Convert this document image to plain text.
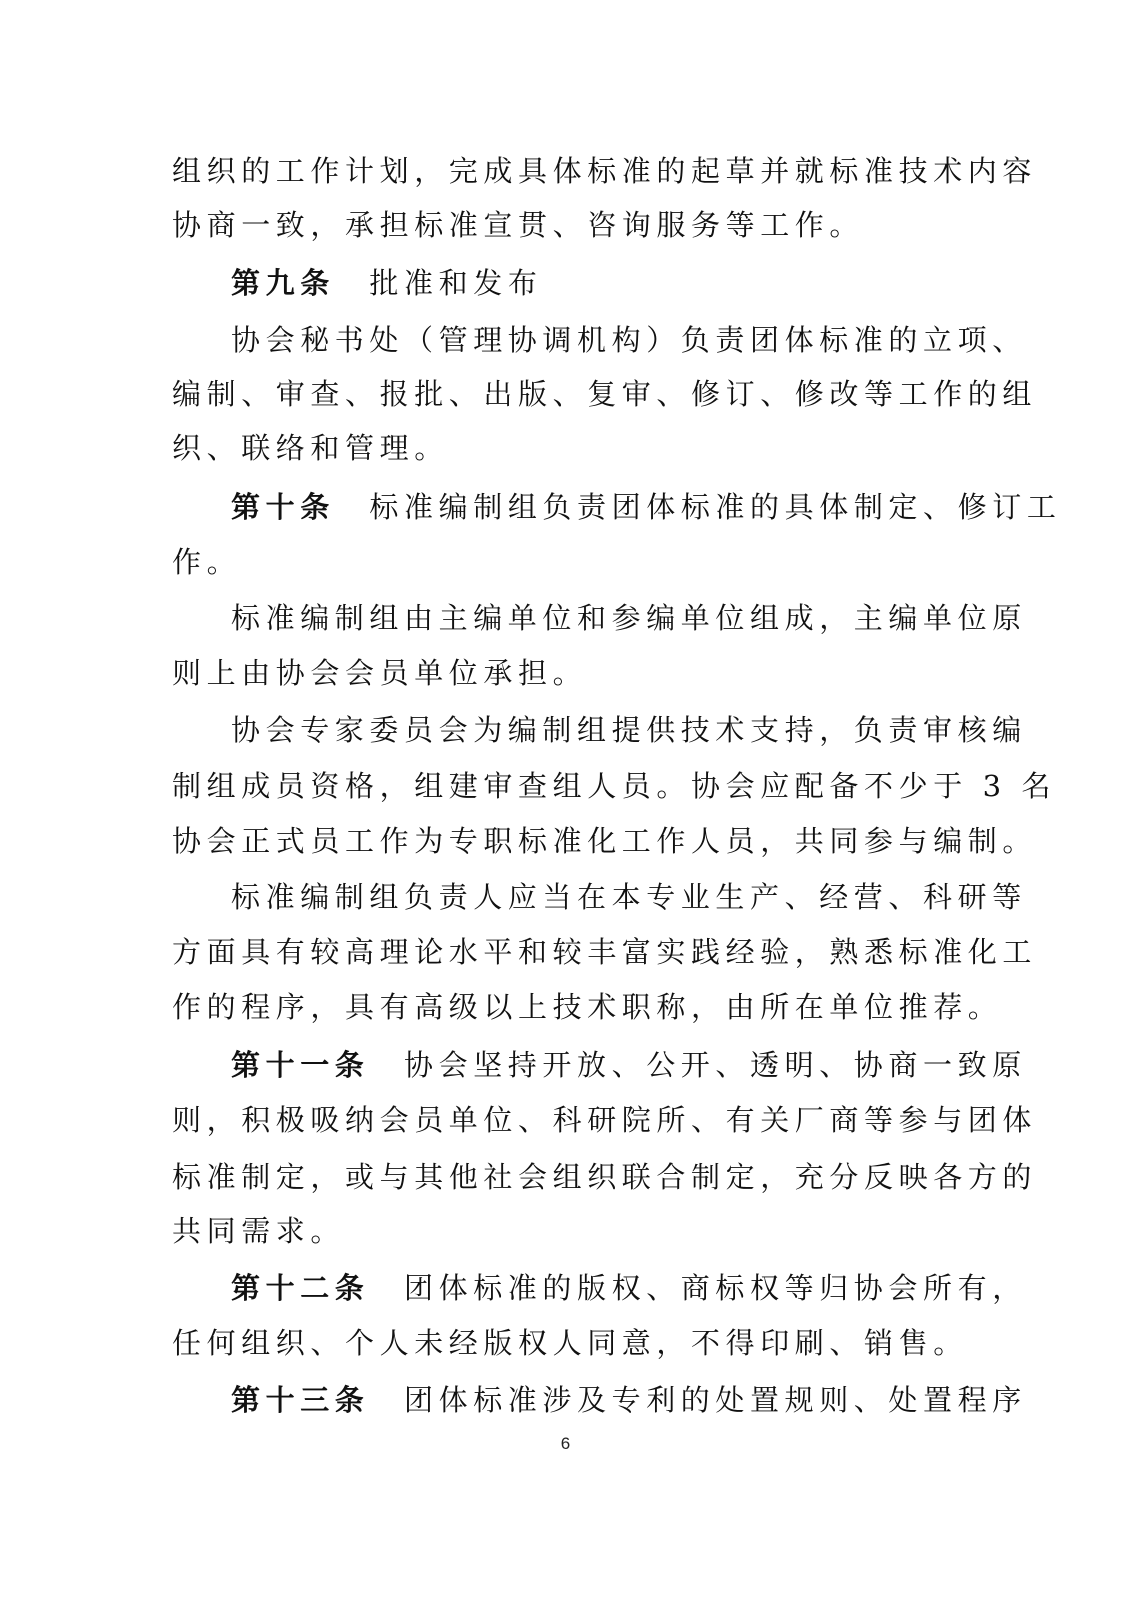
6
组织的工作计划，完成具体标准的起草并就标准技术内容
协商一致，承担标准宣贯、咨询服务等工作。
第九条　批准和发布
协会秘书处（管理协调机构）负责团体标准的立项、
编制、审查、报批、出版、复审、修订、修改等工作的组
织、联络和管理。
第十条　标准编制组负责团体标准的具体制定、修订工
作。
标准编制组由主编单位和参编单位组成，主编单位原
则上由协会会员单位承担。
协会专家委员会为编制组提供技术支持，负责审核编
制组成员资格，组建审查组人员。协会应配备不少于 3 名
协会正式员工作为专职标准化工作人员，共同参与编制。
标准编制组负责人应当在本专业生产、经营、科研等
方面具有较高理论水平和较丰富实践经验，熟悉标准化工
作的程序，具有高级以上技术职称，由所在单位推荐。
第十一条　协会坚持开放、公开、透明、协商一致原
则，积极吸纳会员单位、科研院所、有关厂商等参与团体
标准制定，或与其他社会组织联合制定，充分反映各方的
共同需求。
第十二条　团体标准的版权、商标权等归协会所有，
任何组织、个人未经版权人同意，不得印刷、销售。
第十三条　团体标准涉及专利的处置规则、处置程序
